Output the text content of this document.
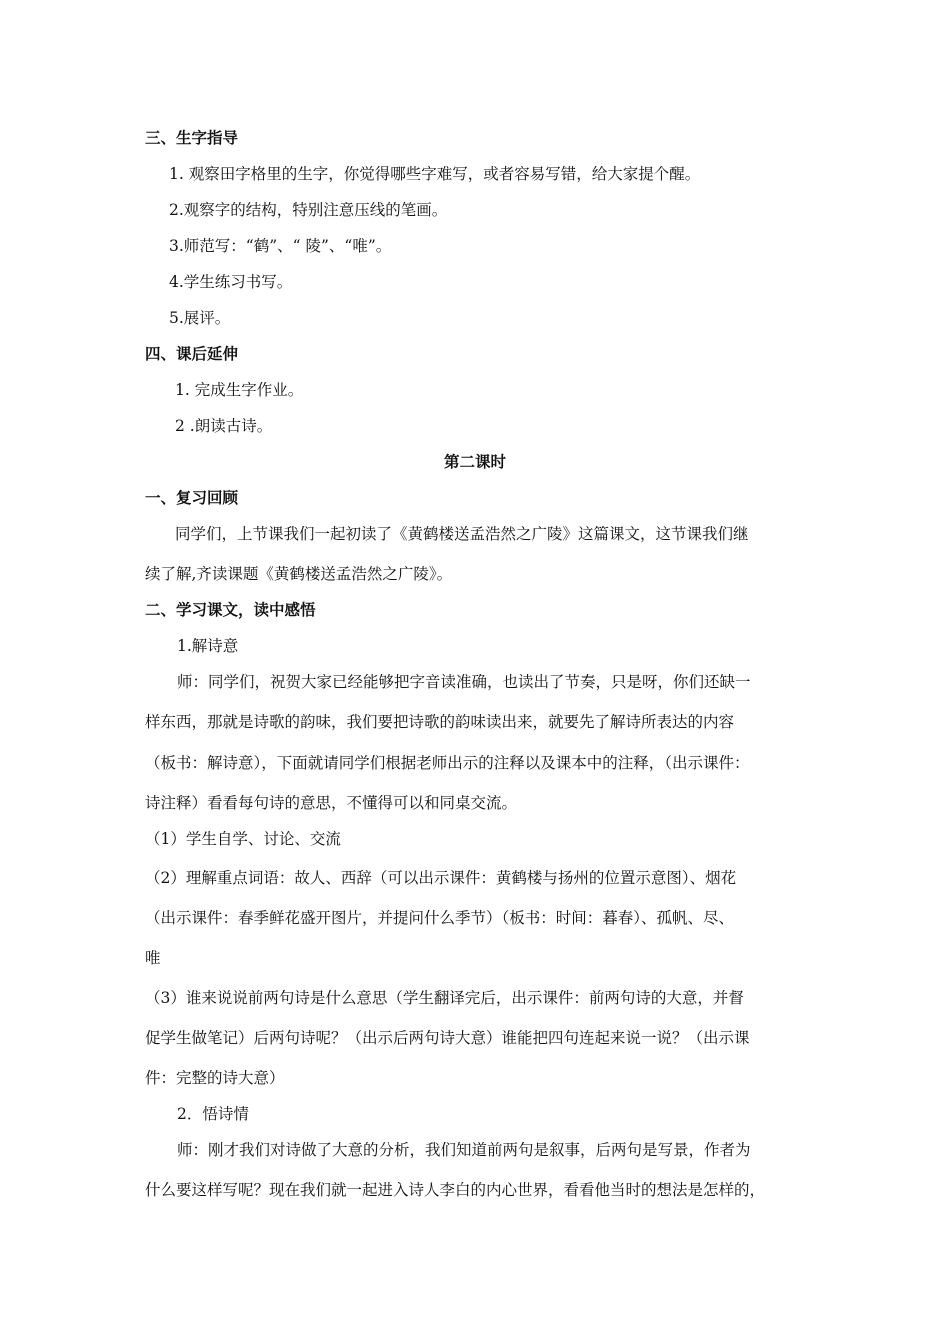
三、生字指导
1. 观察田字格里的生字，你觉得哪些字难写，或者容易写错，给大家提个醒。
2.观察字的结构，特别注意压线的笔画。
3.师范写：“鹤”、“ 陵”、“唯”。
4.学生练习书写。
5.展评。
四、课后延伸
1. 完成生字作业。
2 .朗读古诗。
第二课时
一、复习回顾
同学们，上节课我们一起初读了《黄鹤楼送孟浩然之广陵》这篇课文，这节课我们继
续了解,齐读课题《黄鹤楼送孟浩然之广陵》。
二、学习课文，读中感悟
1.解诗意
师：同学们，祝贺大家已经能够把字音读准确，也读出了节奏，只是呀，你们还缺一
样东西，那就是诗歌的韵味，我们要把诗歌的韵味读出来，就要先了解诗所表达的内容
（板书：解诗意），下面就请同学们根据老师出示的注释以及课本中的注释，（出示课件：
诗注释）看看每句诗的意思，不懂得可以和同桌交流。
（1）学生自学、讨论、交流
（2）理解重点词语：故人、西辞（可以出示课件：黄鹤楼与扬州的位置示意图）、烟花
（出示课件：春季鲜花盛开图片，并提问什么季节）（板书：时间：暮春）、孤帆、尽、
唯
（3）谁来说说前两句诗是什么意思（学生翻译完后，出示课件：前两句诗的大意，并督
促学生做笔记）后两句诗呢？（出示后两句诗大意）谁能把四句连起来说一说？（出示课
件：完整的诗大意）
2．悟诗情
师：刚才我们对诗做了大意的分析，我们知道前两句是叙事，后两句是写景，作者为
什么要这样写呢？现在我们就一起进入诗人李白的内心世界，看看他当时的想法是怎样的，
